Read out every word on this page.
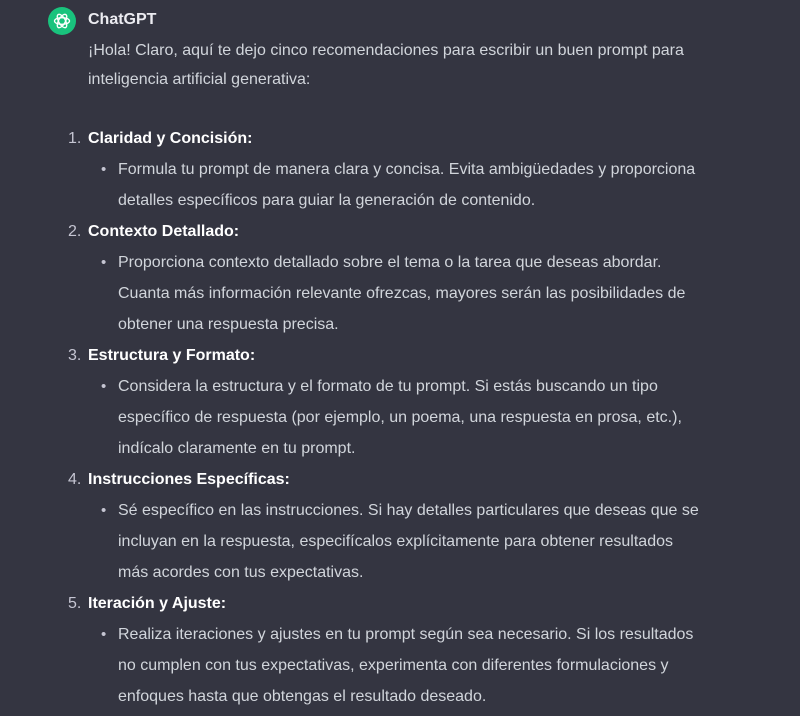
ChatGPT
¡Hola! Claro, aquí te dejo cinco recomendaciones para escribir un buen prompt para
inteligencia artificial generativa:
1. Claridad y Concisión:
• Formula tu prompt de manera clara y concisa. Evita ambigüedades y proporciona
detalles específicos para guiar la generación de contenido.
2. Contexto Detallado:
• Proporciona contexto detallado sobre el tema o la tarea que deseas abordar.
Cuanta más información relevante ofrezcas, mayores serán las posibilidades de
obtener una respuesta precisa.
3. Estructura y Formato:
• Considera la estructura y el formato de tu prompt. Si estás buscando un tipo
específico de respuesta (por ejemplo, un poema, una respuesta en prosa, etc.),
indícalo claramente en tu prompt.
4. Instrucciones Específicas:
• Sé específico en las instrucciones. Si hay detalles particulares que deseas que se
incluyan en la respuesta, especifícalos explícitamente para obtener resultados
más acordes con tus expectativas.
5. Iteración y Ajuste:
• Realiza iteraciones y ajustes en tu prompt según sea necesario. Si los resultados
no cumplen con tus expectativas, experimenta con diferentes formulaciones y
enfoques hasta que obtengas el resultado deseado.
